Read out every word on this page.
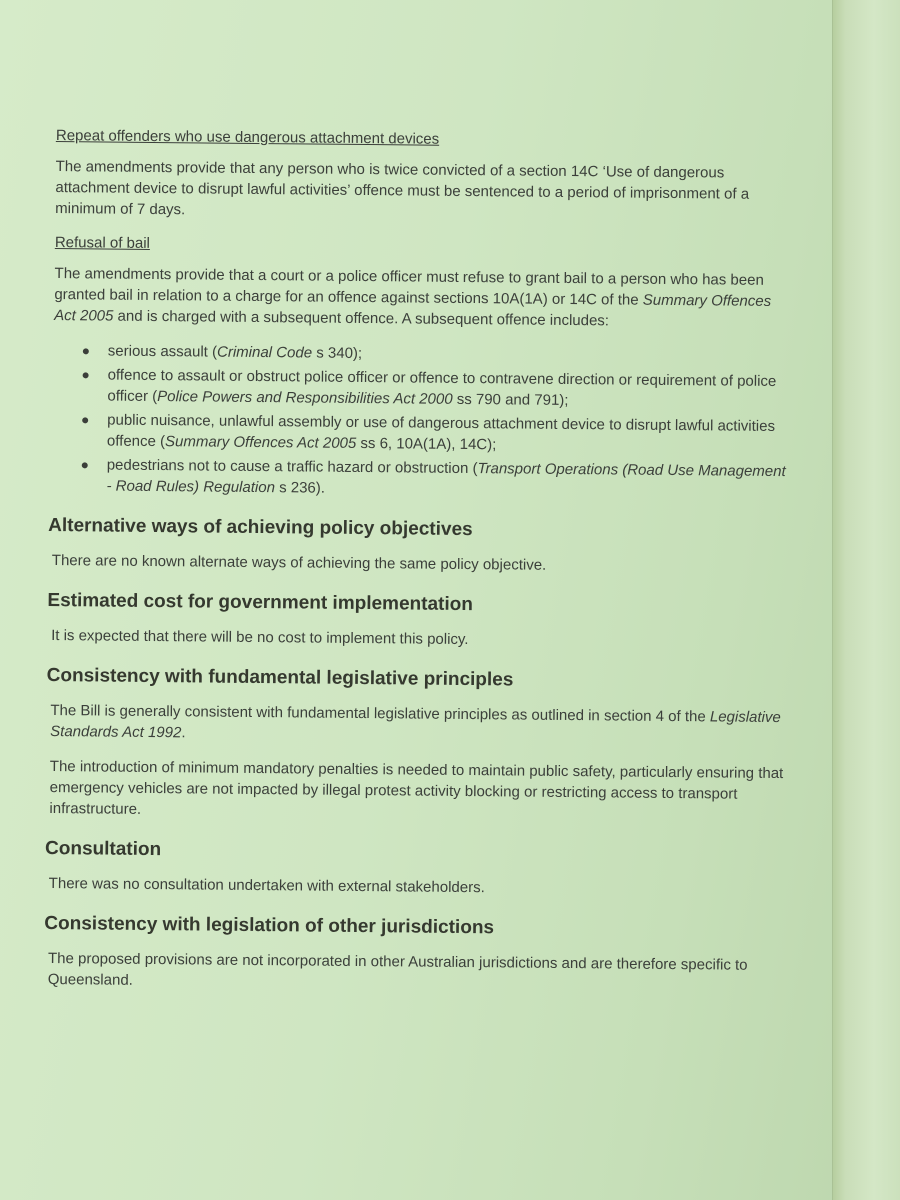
Repeat offenders who use dangerous attachment devices

The amendments provide that any person who is twice convicted of a section 14C ‘Use of dangerous attachment device to disrupt lawful activities’ offence must be sentenced to a period of imprisonment of a minimum of 7 days.

Refusal of bail

The amendments provide that a court or a police officer must refuse to grant bail to a person who has been granted bail in relation to a charge for an offence against sections 10A(1A) or 14C of the Summary Offences Act 2005 and is charged with a subsequent offence. A subsequent offence includes:

serious assault (Criminal Code s 340);
offence to assault or obstruct police officer or offence to contravene direction or requirement of police officer (Police Powers and Responsibilities Act 2000 ss 790 and 791);
public nuisance, unlawful assembly or use of dangerous attachment device to disrupt lawful activities offence (Summary Offences Act 2005 ss 6, 10A(1A), 14C);
pedestrians not to cause a traffic hazard or obstruction (Transport Operations (Road Use Management - Road Rules) Regulation s 236).
Alternative ways of achieving policy objectives

There are no known alternate ways of achieving the same policy objective.

Estimated cost for government implementation

It is expected that there will be no cost to implement this policy.

Consistency with fundamental legislative principles

The Bill is generally consistent with fundamental legislative principles as outlined in section 4 of the Legislative Standards Act 1992.

The introduction of minimum mandatory penalties is needed to maintain public safety, particularly ensuring that emergency vehicles are not impacted by illegal protest activity blocking or restricting access to transport infrastructure.

Consultation

There was no consultation undertaken with external stakeholders.

Consistency with legislation of other jurisdictions

The proposed provisions are not incorporated in other Australian jurisdictions and are therefore specific to Queensland.
